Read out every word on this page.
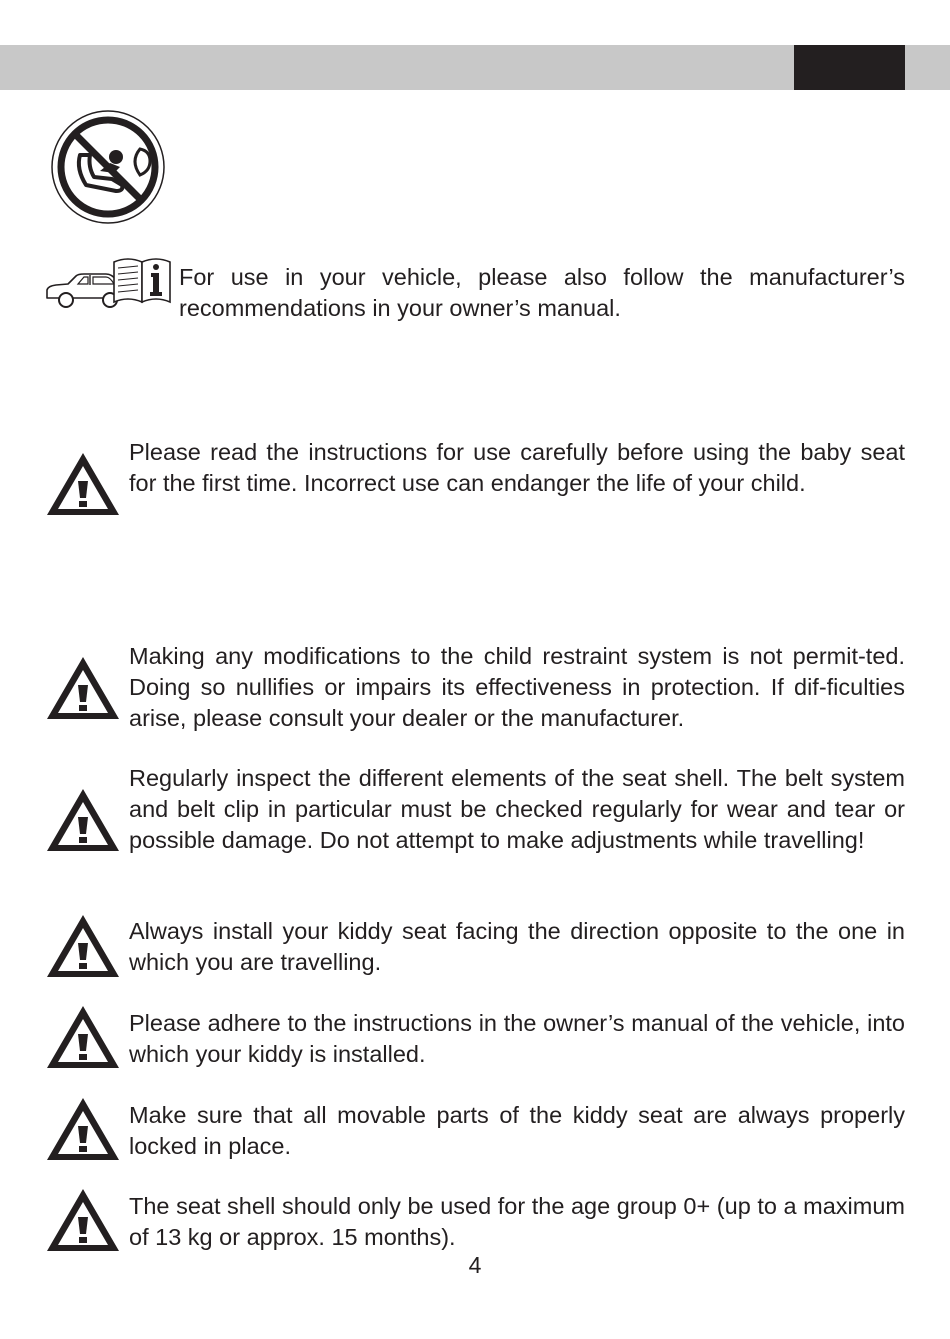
For use in your vehicle, please also follow the manufacturer’s recommendations in your owner’s manual.

Please read the instructions for use carefully before using the baby seat for the first time. Incorrect use can endanger the life of your child.

Making any modifications to the child restraint system is not permit-ted. Doing so nullifies or impairs its effectiveness in protection. If dif-ficulties arise, please consult your dealer or the manufacturer.

Regularly inspect the different elements of the seat shell. The belt system and belt clip in particular must be checked regularly for wear and tear or possible damage. Do not attempt to make adjustments while travelling!

Always install your kiddy seat facing the direction opposite to the one in which you are travelling.

Please adhere to the instructions in the owner’s manual of the vehicle, into which your kiddy is installed.

Make sure that all movable parts of the kiddy seat are always properly locked in place.

The seat shell should only be used for the age group 0+ (up to a maximum of 13 kg or approx. 15 months).

4
